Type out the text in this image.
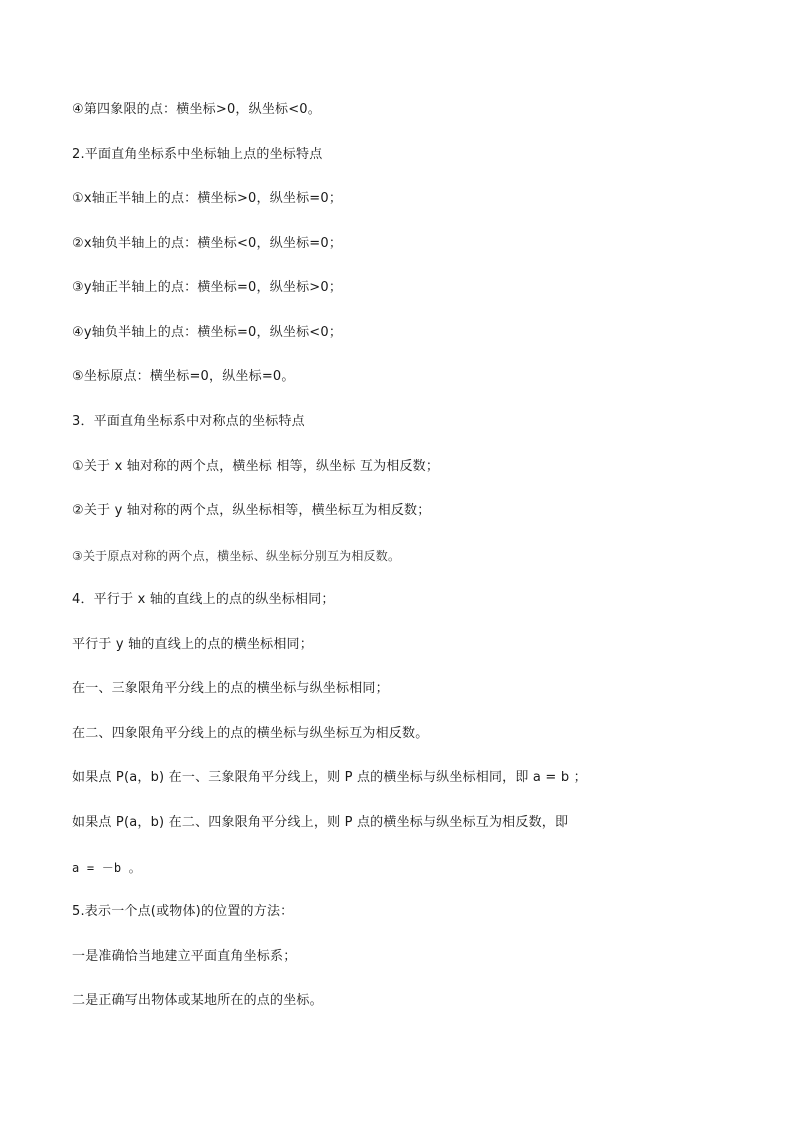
④第四象限的点：横坐标>0，纵坐标<0。
2.平面直角坐标系中坐标轴上点的坐标特点
①x轴正半轴上的点：横坐标>0，纵坐标=0；
②x轴负半轴上的点：横坐标<0，纵坐标=0；
③y轴正半轴上的点：横坐标=0，纵坐标>0；
④y轴负半轴上的点：横坐标=0，纵坐标<0；
⑤坐标原点：横坐标=0，纵坐标=0。
3．平面直角坐标系中对称点的坐标特点
①关于 x 轴对称的两个点，横坐标 相等，纵坐标 互为相反数；
②关于 y 轴对称的两个点，纵坐标相等，横坐标互为相反数；
③关于原点对称的两个点，横坐标、纵坐标分别互为相反数。
4．平行于 x 轴的直线上的点的纵坐标相同；
平行于 y 轴的直线上的点的横坐标相同；
在一、三象限角平分线上的点的横坐标与纵坐标相同；
在二、四象限角平分线上的点的横坐标与纵坐标互为相反数。
如果点 P(a，b) 在一、三象限角平分线上，则 P 点的横坐标与纵坐标相同，即 a = b ；
如果点 P(a，b) 在二、四象限角平分线上，则 P 点的横坐标与纵坐标互为相反数，即
a = －b 。
5.表示一个点(或物体)的位置的方法：
一是准确恰当地建立平面直角坐标系；
二是正确写出物体或某地所在的点的坐标。
